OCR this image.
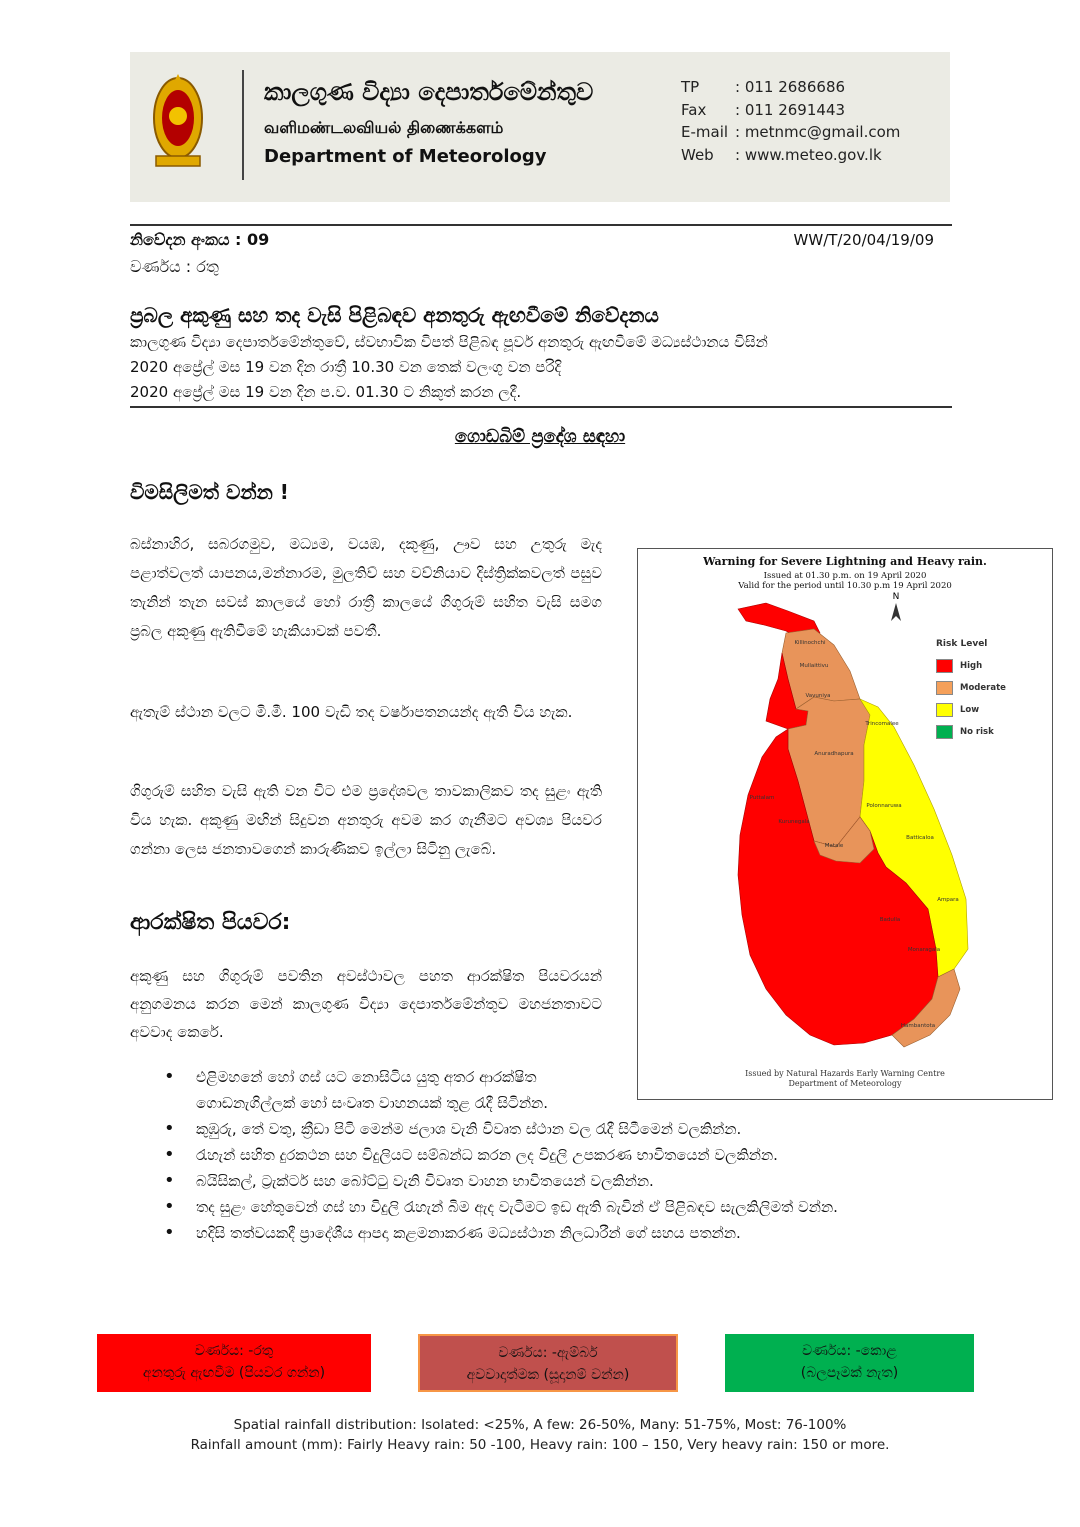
කාලගුණ විද්‍යා දෙපාර්තමේන්තුව
வளிமண்டலவியல் திணைக்களம்
Department of Meteorology
TP	: 011 2686686
Fax	: 011 2691443
E-mail : metnmc@gmail.com
Web	: www.meteo.gov.lk
නිවේදන අංකය : 09	WW/T/20/04/19/09
වර්ණය : රතු
ප්‍රබල අකුණු සහ තද වැසි පිළිබඳව අනතුරු ඇඟවීමේ නිවේදනය
කාලගුණ විද්‍යා දෙපාර්තමේන්තුවේ, ස්වභාවික විපත් පිළිබඳ පූර්ව අනතුරු ඇඟවීමේ මධ්‍යස්ථානය විසින්
2020 අප්‍රේල් මස 19 වන දින රාත්‍රී 10.30 වන තෙක් වලංගු වන පරිදි
2020 අප්‍රේල් මස 19 වන දින ප.ව. 01.30 ට නිකුත් කරන ලදී.
ගොඩබිම් ප්‍රදේශ සඳහා
විමසිලිමත් වන්න !
බස්නාහිර, සබරගමුව, මධ්‍යම, වයඹ, දකුණු, ඌව සහ උතුරු මැද පළාත්වලත් යාපනය,මන්නාරම, මුලතිව් සහ වව්නියාව දිස්ත්‍රික්කවලත් පසුව තැනින් තැන සවස් කාලයේ හෝ රාත්‍රී කාලයේ ගිගුරුම් සහිත වැසි සමග ප්‍රබල අකුණු ඇතිවීමේ හැකියාවක් පවතී.
ඇතැම් ස්ථාන වලට මි.මී. 100 වැඩි තද වර්ෂාපතනයන්ද ඇති විය හැක.
ගිගුරුම් සහිත වැසි ඇති වන විට එම ප්‍රදේශවල තාවකාලිකව තද සුළං ඇති විය හැක. අකුණු මඟින් සිදුවන අනතුරු අවම කර ගැනීමට අවශ්‍ය පියවර ගන්නා ලෙස ජනතාවගෙන් කාරුණිකව ඉල්ලා සිටිනු ලැබේ.
ආරක්ෂිත පියවර:
අකුණු සහ ගිගුරුම් පවතින අවස්ථාවල පහත ආරක්ෂිත පියවරයන් අනුගමනය කරන මෙන් කාලගුණ විද්‍යා දෙපාර්තමේන්තුව මහජනතාවට අවවාද කෙරේ.
• එළිමහනේ හෝ ගස් යට නොසිටිය යුතු අතර ආරක්ෂිත ගොඩනැගිල්ලක් හෝ සංවෘත වාහනයක් තුළ රැදී සිටින්න.
• කුඹුරු, තේ වතු, ක්‍රීඩා පිටි මෙන්ම ජලාශ වැනි විවෘත ස්ථාන වල රැදී සිටීමෙන් වලකින්න.
• රැහැන් සහිත දුරකථන සහ විදුලියට සම්බන්ධ කරන ලද විදුලි උපකරණ භාවිතයෙන් වලකින්න.
• බයිසිකල්, ට්‍රැක්ටර් සහ බෝට්ටු වැනි විවෘත වාහන භාවිතයෙන් වලකින්න.
• තද සුළං හේතුවෙන් ගස් හා විදුලි රැහැන් බිම ඇද වැටීමට ඉඩ ඇති බැවින් ඒ පිළිබඳව සැලකිලිමත් වන්න.
• හදිසි තත්වයකදී ප්‍රාදේශීය ආපදා කළමනාකරණ මධ්‍යස්ථාන නිලධාරීන් ගේ සහය පතන්න.
Warning for Severe Lightning and Heavy rain.
Issued at 01.30 p.m. on 19 April 2020
Valid for the period until 10.30 p.m 19 April 2020
N
Killinochchi
Mullaittivu
Vavuniya
Trincomalee
Anuradhapura
Polonnaruwa
Batticaloa
Puttalam
Kurunegala
Matale
Ampara
Badulla
Monaragala
Hambantota
Risk Level
High
Moderate
Low
No risk
Issued by Natural Hazards Early Warning Centre
Department of Meteorology
වර්ණය: -රතු
අනතුරු ඇඟවීම (පියවර ගන්න)
වර්ණය: -ඇම්බර්
අවවාදාත්මක (සූදානම් වන්න)
වර්ණය: -කොළ
(බලපෑමක් නැත)
Spatial rainfall distribution: Isolated: <25%, A few: 26-50%, Many: 51-75%, Most: 76-100%
Rainfall amount (mm): Fairly Heavy rain: 50 -100, Heavy rain: 100 – 150, Very heavy rain: 150 or more.
